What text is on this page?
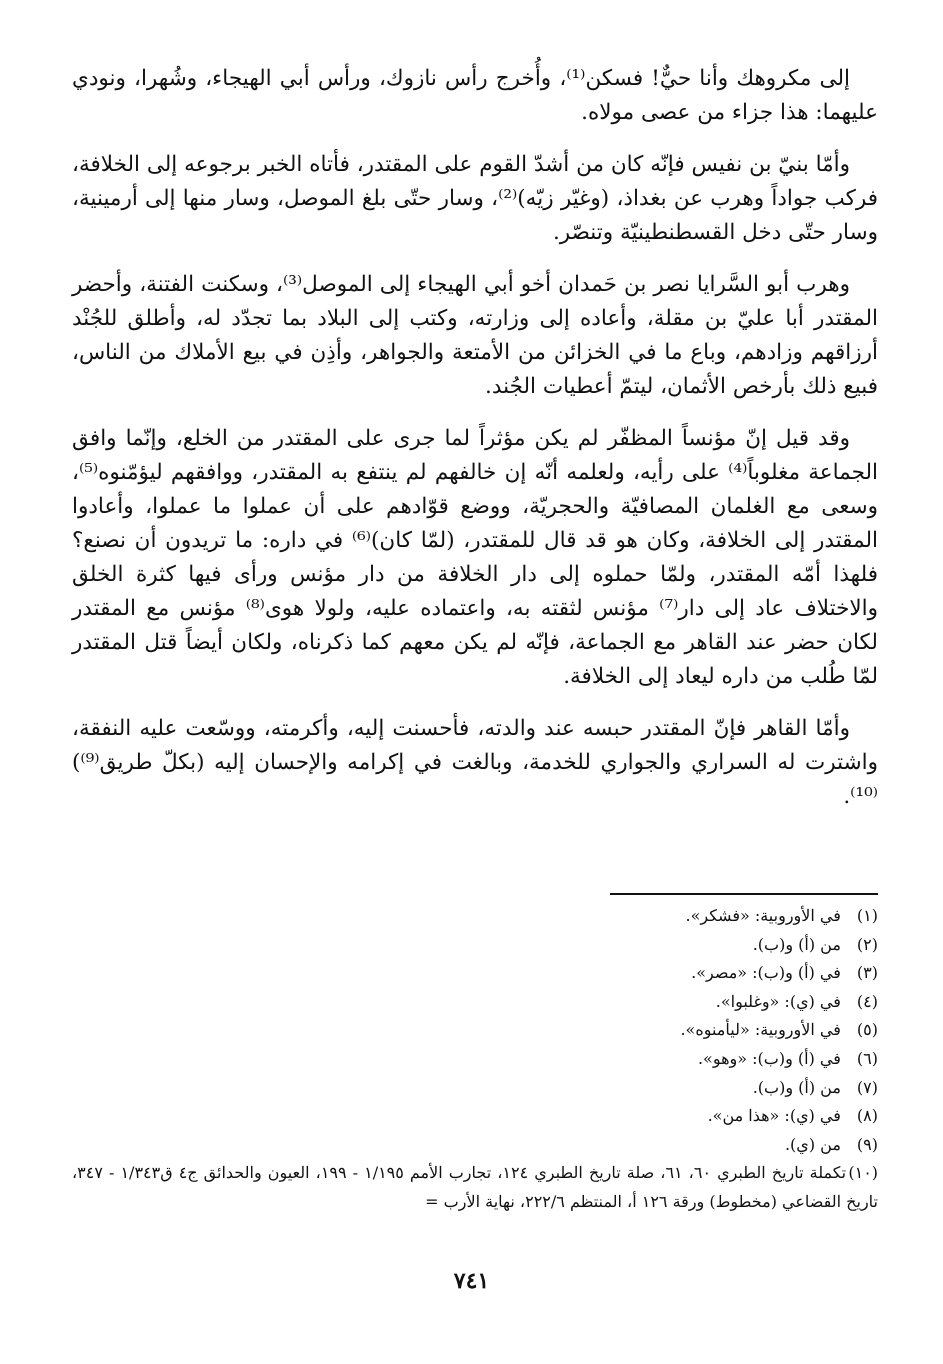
إلى مكروهك وأنا حيٌّ! فسكن⁽¹⁾، وأُخرج رأس نازوك، ورأس أبي الهيجاء، وشُهرا، ونودي عليهما: هذا جزاء من عصى مولاه.

وأمّا بنيّ بن نفيس فإنّه كان من أشدّ القوم على المقتدر، فأتاه الخبر برجوعه إلى الخلافة، فركب جواداً وهرب عن بغداذ، (وغيّر زيّه)⁽²⁾، وسار حتّى بلغ الموصل، وسار منها إلى أرمينية، وسار حتّى دخل القسطنطينيّة وتنصّر.

وهرب أبو السَّرايا نصر بن حَمدان أخو أبي الهيجاء إلى الموصل⁽³⁾، وسكنت الفتنة، وأحضر المقتدر أبا عليّ بن مقلة، وأعاده إلى وزارته، وكتب إلى البلاد بما تجدّد له، وأطلق للجُنْد أرزاقهم وزادهم، وباع ما في الخزائن من الأمتعة والجواهر، وأذِن في بيع الأملاك من الناس، فبيع ذلك بأرخص الأثمان، ليتمّ أعطيات الجُند.

وقد قيل إنّ مؤنساً المظفّر لم يكن مؤثراً لما جرى على المقتدر من الخلع، وإنّما وافق الجماعة مغلوباً⁽⁴⁾ على رأيه، ولعلمه أنّه إن خالفهم لم ينتفع به المقتدر، ووافقهم ليؤمّنوه⁽⁵⁾، وسعى مع الغلمان المصافيّة والحجريّة، ووضع قوّادهم على أن عملوا ما عملوا، وأعادوا المقتدر إلى الخلافة، وكان هو قد قال للمقتدر، (لمّا كان)⁽⁶⁾ في داره: ما تريدون أن نصنع؟ فلهذا أمّه المقتدر، ولمّا حملوه إلى دار الخلافة من دار مؤنس ورأى فيها كثرة الخلق والاختلاف عاد إلى دار⁽⁷⁾ مؤنس لثقته به، واعتماده عليه، ولولا هوى⁽⁸⁾ مؤنس مع المقتدر لكان حضر عند القاهر مع الجماعة، فإنّه لم يكن معهم كما ذكرناه، ولكان أيضاً قتل المقتدر لمّا طُلب من داره ليعاد إلى الخلافة.

وأمّا القاهر فإنّ المقتدر حبسه عند والدته، فأحسنت إليه، وأكرمته، ووسّعت عليه النفقة، واشترت له السراري والجواري للخدمة، وبالغت في إكرامه والإحسان إليه (بكلّ طريق⁽⁹⁾)⁽¹⁰⁾.

(١) في الأوروبية: «فشكر».

(٢) من (أ) و(ب).

(٣) في (أ) و(ب): «مصر».

(٤) في (ي): «وغلبوا».

(٥) في الأوروبية: «ليأمنوه».

(٦) في (أ) و(ب): «وهو».

(٧) من (أ) و(ب).

(٨) في (ي): «هذا من».

(٩) من (ي).

(١٠)تكملة تاريخ الطبري ٦٠، ٦١، صلة تاريخ الطبري ١٢٤، تجارب الأمم ١/١٩٥ - ١٩٩، العيون والحدائق ج٤ ق١/٣٤٣ - ٣٤٧، تاريخ القضاعي (مخطوط) ورقة ١٢٦ أ، المنتظم ٢٢٢/٦، نهاية الأرب =

٧٤١
